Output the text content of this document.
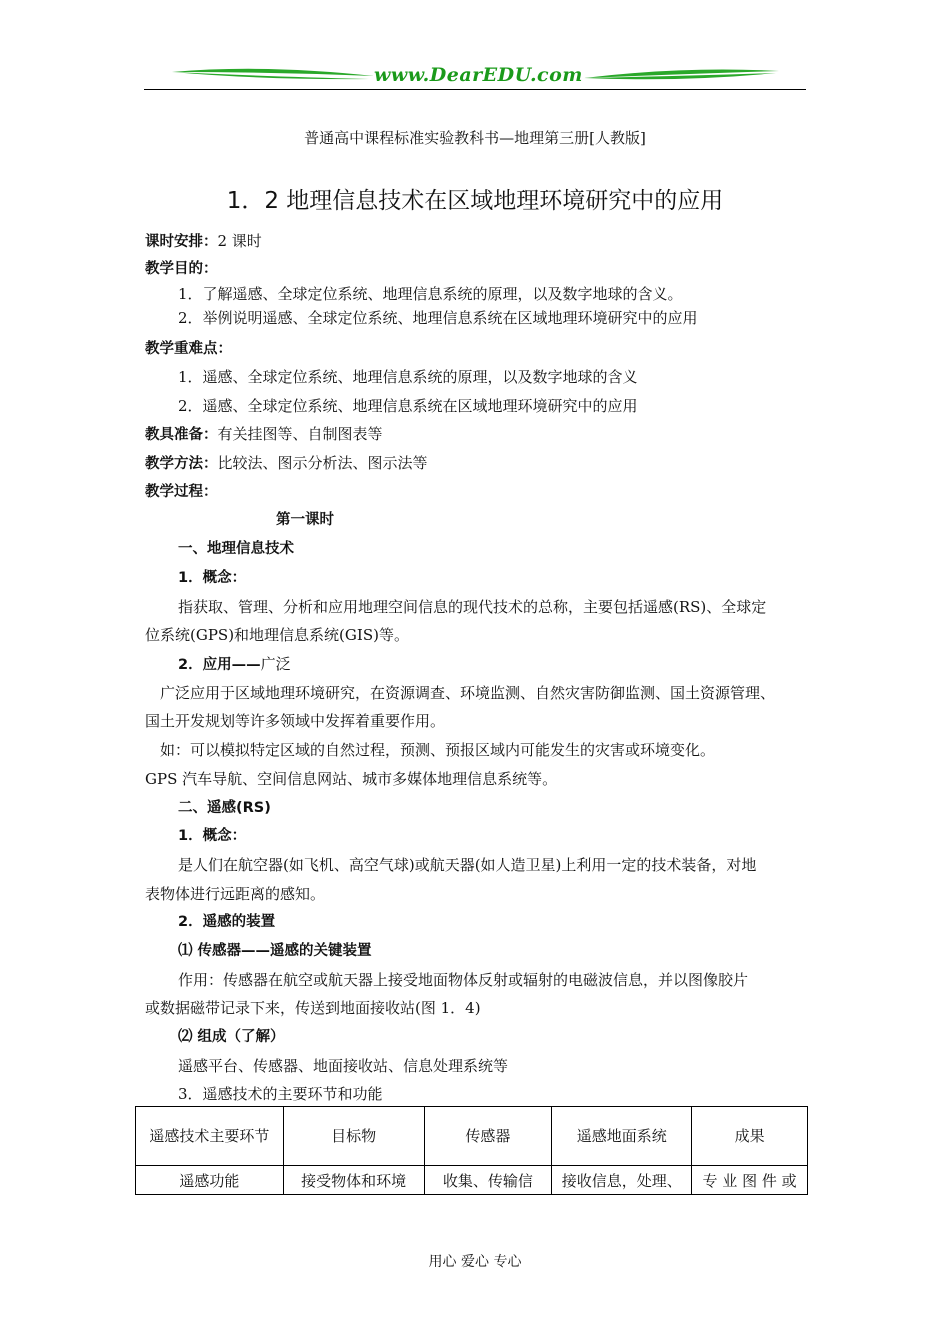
www.DearEDU.com
普通高中课程标准实验教科书—地理第三册[人教版]
1．2 地理信息技术在区域地理环境研究中的应用
课时安排：2 课时
教学目的：
1．了解遥感、全球定位系统、地理信息系统的原理，以及数字地球的含义。
2．举例说明遥感、全球定位系统、地理信息系统在区域地理环境研究中的应用
教学重难点：
1．遥感、全球定位系统、地理信息系统的原理，以及数字地球的含义
2．遥感、全球定位系统、地理信息系统在区域地理环境研究中的应用
教具准备：有关挂图等、自制图表等
教学方法：比较法、图示分析法、图示法等
教学过程：
第一课时
一、地理信息技术
1．概念：
指获取、管理、分析和应用地理空间信息的现代技术的总称，主要包括遥感(RS)、全球定
位系统(GPS)和地理信息系统(GIS)等。
2．应用——广泛
广泛应用于区域地理环境研究，在资源调查、环境监测、自然灾害防御监测、国土资源管理、
国土开发规划等许多领域中发挥着重要作用。
如：可以模拟特定区域的自然过程，预测、预报区域内可能发生的灾害或环境变化。
GPS 汽车导航、空间信息网站、城市多媒体地理信息系统等。
二、遥感(RS)
1．概念：
是人们在航空器(如飞机、高空气球)或航天器(如人造卫星)上利用一定的技术装备，对地
表物体进行远距离的感知。
2．遥感的装置
⑴ 传感器——遥感的关键装置
作用：传感器在航空或航天器上接受地面物体反射或辐射的电磁波信息，并以图像胶片
或数据磁带记录下来，传送到地面接收站(图 1．4)
⑵ 组成（了解）
遥感平台、传感器、地面接收站、信息处理系统等
3．遥感技术的主要环节和功能
遥感技术主要环节	目标物	传感器	遥感地面系统	成果
遥感功能	接受物体和环境	收集、传输信	接收信息，处理、	专 业 图 件 或
用心 爱心 专心
